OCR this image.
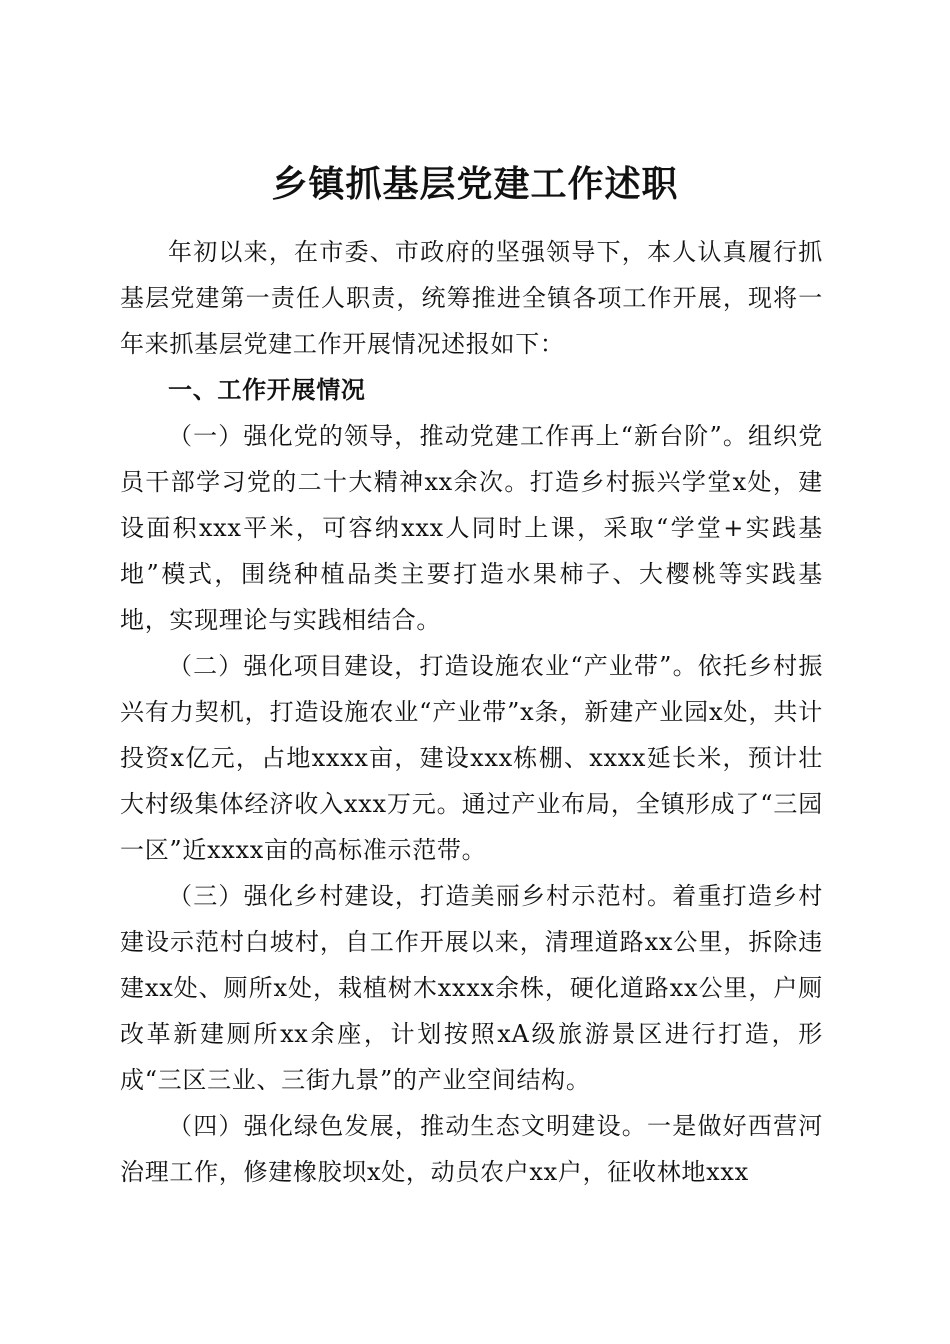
乡镇抓基层党建工作述职

年初以来，在市委、市政府的坚强领导下，本人认真履行抓基层党建第一责任人职责，统筹推进全镇各项工作开展，现将一年来抓基层党建工作开展情况述报如下：

一、工作开展情况

（一）强化党的领导，推动党建工作再上“新台阶”。组织党员干部学习党的二十大精神xx余次。打造乡村振兴学堂x处，建设面积xxx平米，可容纳xxx人同时上课，采取“学堂+实践基地”模式，围绕种植品类主要打造水果柿子、大樱桃等实践基地，实现理论与实践相结合。

（二）强化项目建设，打造设施农业“产业带”。依托乡村振兴有力契机，打造设施农业“产业带”x条，新建产业园x处，共计投资x亿元，占地xxxx亩，建设xxx栋棚、xxxx延长米，预计壮大村级集体经济收入xxx万元。通过产业布局，全镇形成了“三园一区”近xxxx亩的高标准示范带。

（三）强化乡村建设，打造美丽乡村示范村。着重打造乡村建设示范村白坡村，自工作开展以来，清理道路xx公里，拆除违建xx处、厕所x处，栽植树木xxxx余株，硬化道路xx公里，户厕改革新建厕所xx余座，计划按照xA级旅游景区进行打造，形成“三区三业、三街九景”的产业空间结构。

（四）强化绿色发展，推动生态文明建设。一是做好西营河治理工作，修建橡胶坝x处，动员农户xx户，征收林地xxx
